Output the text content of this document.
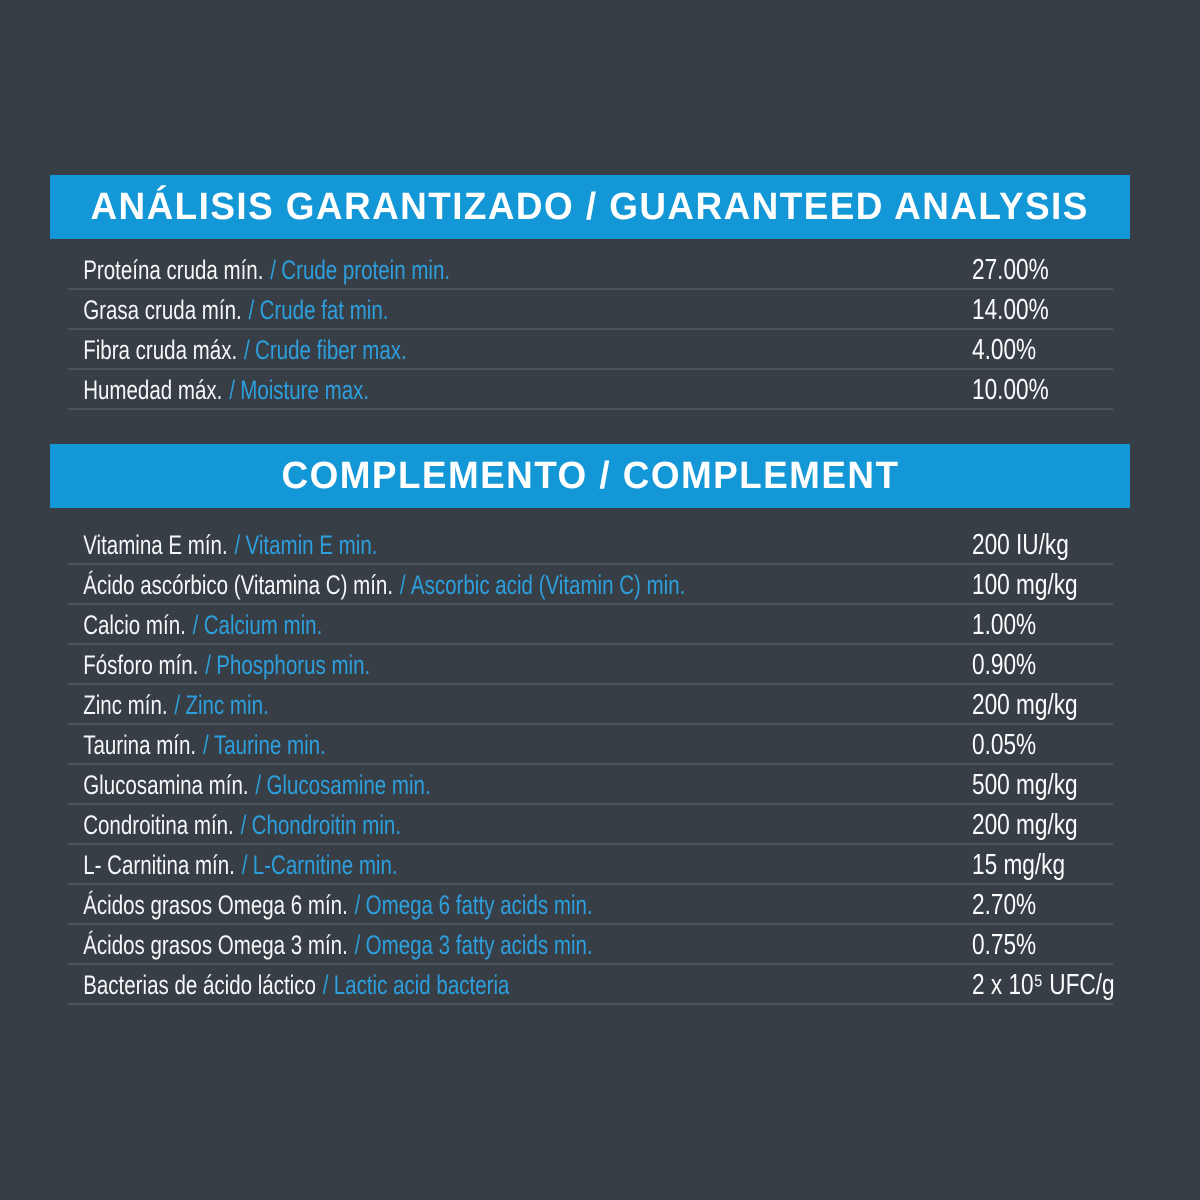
ANÁLISIS GARANTIZADO / GUARANTEED ANALYSIS
Proteína cruda mín. / Crude protein min.	27.00%
Grasa cruda mín. / Crude fat min.	14.00%
Fibra cruda máx. / Crude fiber max.	4.00%
Humedad máx. / Moisture max.	10.00%
COMPLEMENTO / COMPLEMENT
Vitamina E mín. / Vitamin E min.	200 IU/kg
Ácido ascórbico (Vitamina C) mín. / Ascorbic acid (Vitamin C) min.	100 mg/kg
Calcio mín. / Calcium min.	1.00%
Fósforo mín. / Phosphorus min.	0.90%
Zinc mín. / Zinc min.	200 mg/kg
Taurina mín. / Taurine min.	0.05%
Glucosamina mín. / Glucosamine min.	500 mg/kg
Condroitina mín. / Chondroitin min.	200 mg/kg
L- Carnitina mín. / L-Carnitine min.	15 mg/kg
Ácidos grasos Omega 6 mín. / Omega 6 fatty acids min.	2.70%
Ácidos grasos Omega 3 mín. / Omega 3 fatty acids min.	0.75%
Bacterias de ácido láctico / Lactic acid bacteria	2 x 10⁵ UFC/g
